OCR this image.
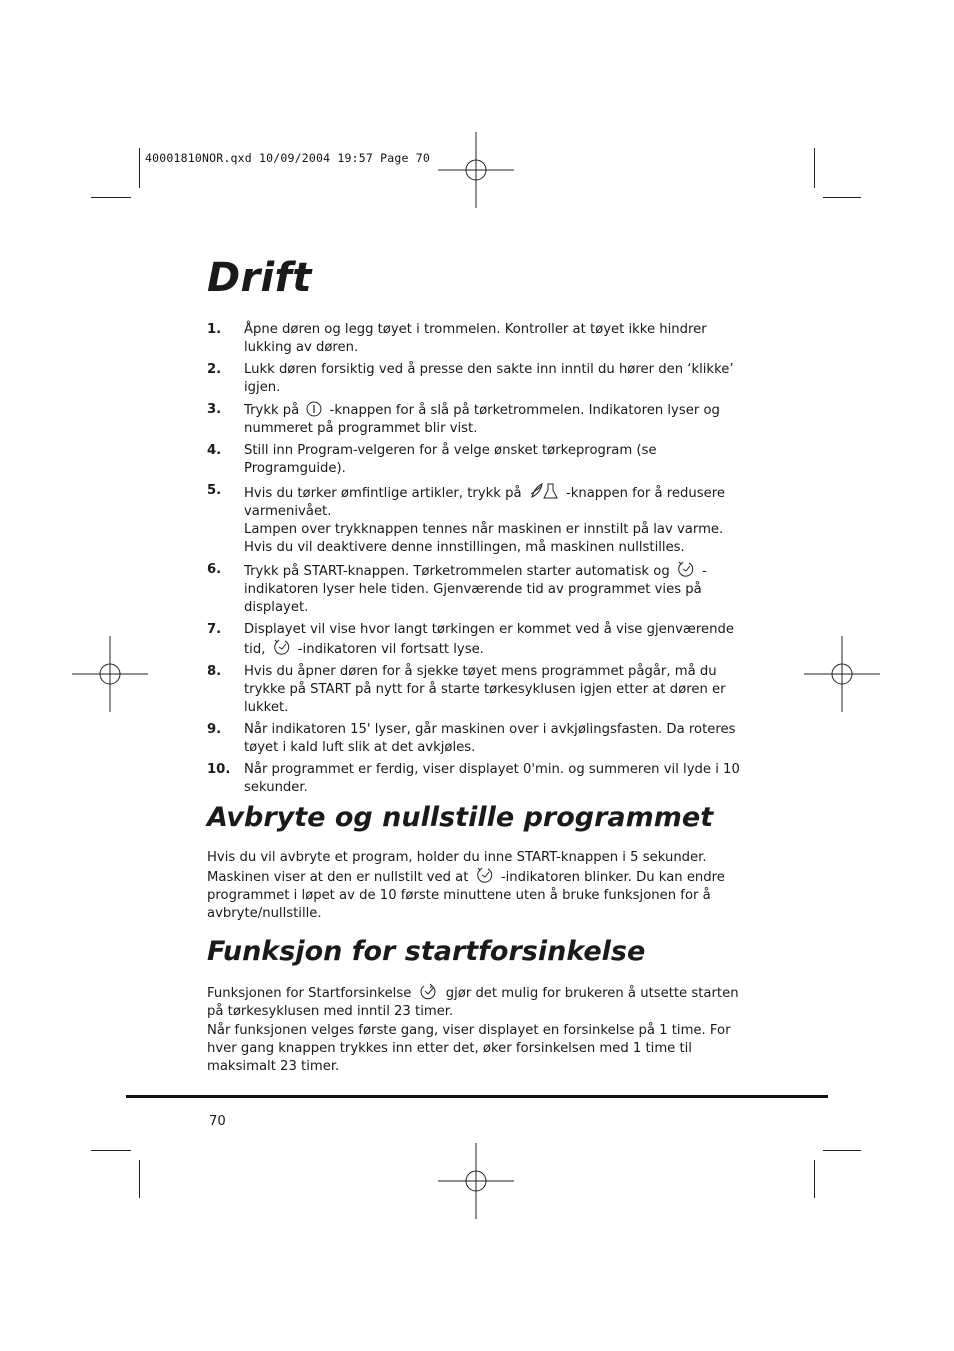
40001810NOR.qxd 10/09/2004 19:57 Page 70
Drift
1. Åpne døren og legg tøyet i trommelen. Kontroller at tøyet ikke hindrer lukking av døren.
2. Lukk døren forsiktig ved å presse den sakte inn inntil du hører den ‘klikke’ igjen.
3. Trykk på  -knappen for å slå på tørketrommelen. Indikatoren lyser og nummeret på programmet blir vist.
4. Still inn Program-velgeren for å velge ønsket tørkeprogram (se Programguide).
5. Hvis du tørker ømfintlige artikler, trykk på	-knappen for å redusere varmenivået.
Lampen over trykknappen tennes når maskinen er innstilt på lav varme. Hvis du vil deaktivere denne innstillingen, må maskinen nullstilles.
6. Trykk på START-knappen. Tørketrommelen starter automatisk og  - indikatoren lyser hele tiden. Gjenværende tid av programmet vies på displayet.
7. Displayet vil vise hvor langt tørkingen er kommet ved å vise gjenværende tid,  -indikatoren vil fortsatt lyse.
8. Hvis du åpner døren for å sjekke tøyet mens programmet pågår, må du trykke på START på nytt for å starte tørkesyklusen igjen etter at døren er lukket.
9. Når indikatoren 15' lyser, går maskinen over i avkjølingsfasten. Da roteres tøyet i kald luft slik at det avkjøles.
10. Når programmet er ferdig, viser displayet 0'min. og summeren vil lyde i 10 sekunder.
Avbryte og nullstille programmet

Hvis du vil avbryte et program, holder du inne START-knappen i 5 sekunder. Maskinen viser at den er nullstilt ved at  -indikatoren blinker. Du kan endre programmet i løpet av de 10 første minuttene uten å bruke funksjonen for å avbryte/nullstille.

Funksjon for startforsinkelse

Funksjonen for Startforsinkelse  gjør det mulig for brukeren å utsette starten på tørkesyklusen med inntil 23 timer.

Når funksjonen velges første gang, viser displayet en forsinkelse på 1 time. For hver gang knappen trykkes inn etter det, øker forsinkelsen med 1 time til maksimalt 23 timer.

70
